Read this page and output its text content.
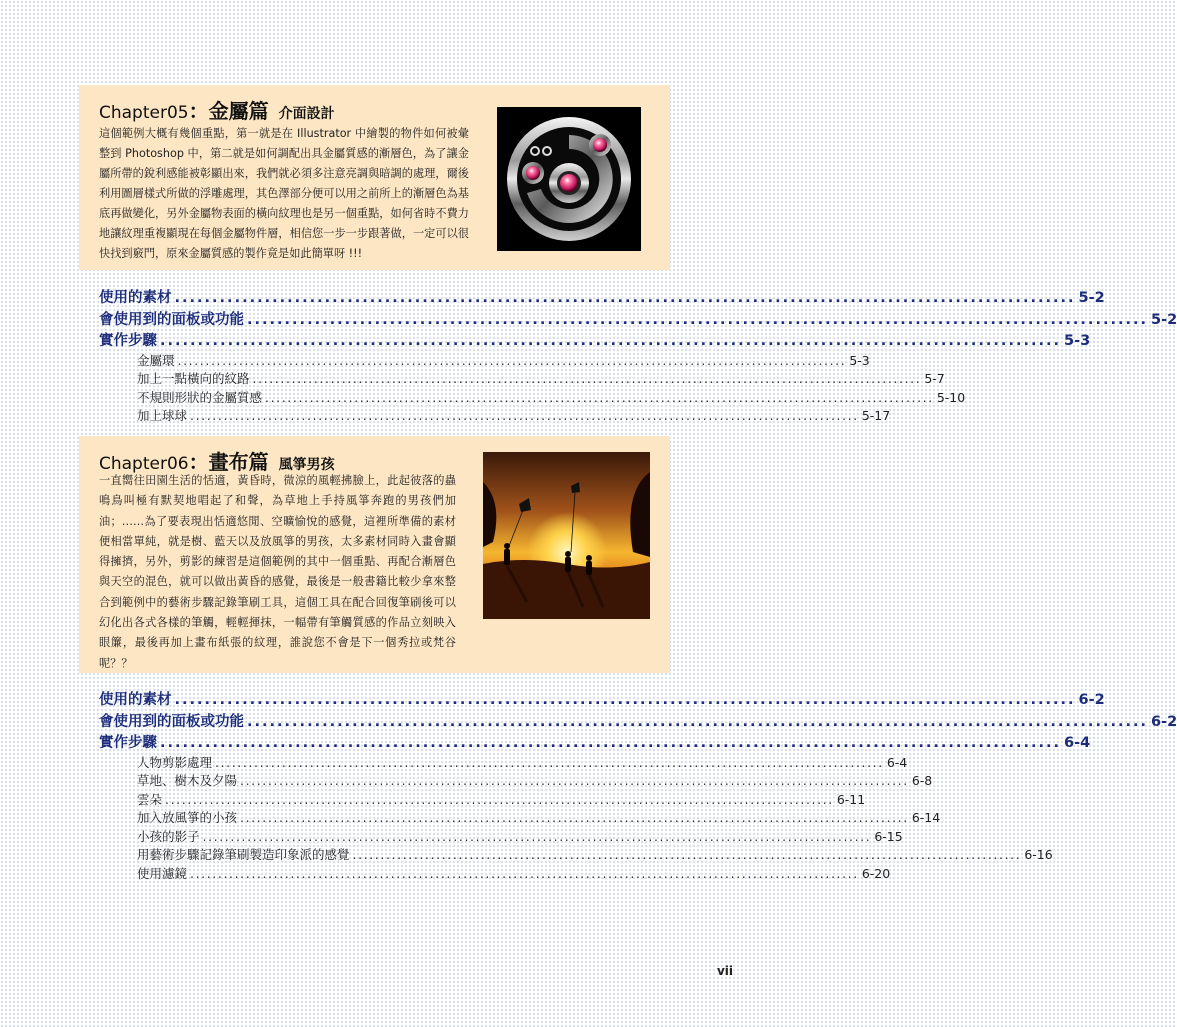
Chapter05：金屬篇 介面設計
這個範例大概有幾個重點，第一就是在 Illustrator 中繪製的物件如何被彙整到 Photoshop 中，第二就是如何調配出具金屬質感的漸層色，為了讓金屬所帶的銳利感能被彰顯出來，我們就必須多注意亮調與暗調的處理，爾後利用圖層樣式所做的浮雕處理，其色澤部分便可以用之前所上的漸層色為基底再做變化，另外金屬物表面的橫向紋理也是另一個重點，如何省時不費力地讓紋理重複顯現在每個金屬物件層，相信您一步一步跟著做，一定可以很快找到竅門，原來金屬質感的製作竟是如此簡單呀 !!!
使用的素材 ........................................................................................................................ 5-2
會使用到的面板或功能 ........................................................................................................................ 5-2
實作步驟 ........................................................................................................................ 5-3
金屬環 ........................................................................................................................ 5-3
加上一點橫向的紋路 ........................................................................................................................ 5-7
不規則形狀的金屬質感 ........................................................................................................................ 5-10
加上球球 ........................................................................................................................ 5-17
Chapter06：畫布篇 風箏男孩
一直嚮往田園生活的恬適，黃昏時，微涼的風輕拂臉上，此起彼落的蟲鳴鳥叫極有默契地唱起了和聲，為草地上手持風箏奔跑的男孩們加油；……為了要表現出恬適悠閒、空曠愉悅的感覺，這裡所準備的素材便相當單純，就是樹、藍天以及放風箏的男孩，太多素材同時入畫會顯得擁擠，另外，剪影的練習是這個範例的其中一個重點、再配合漸層色與天空的混色，就可以做出黃昏的感覺，最後是一般書籍比較少拿來整合到範例中的藝術步驟記錄筆刷工具，這個工具在配合回復筆刷後可以幻化出各式各樣的筆觸，輕輕揮抹，一幅帶有筆觸質感的作品立刻映入眼簾，最後再加上畫布紙張的紋理，誰說您不會是下一個秀拉或梵谷呢？？
使用的素材 ........................................................................................................................ 6-2
會使用到的面板或功能 ........................................................................................................................ 6-2
實作步驟 ........................................................................................................................ 6-4
人物剪影處理 ........................................................................................................................ 6-4
草地、樹木及夕陽 ........................................................................................................................ 6-8
雲朵 ........................................................................................................................ 6-11
加入放風箏的小孩 ........................................................................................................................ 6-14
小孩的影子 ........................................................................................................................ 6-15
用藝術步驟記錄筆刷製造印象派的感覺 ........................................................................................................................ 6-16
使用濾鏡 ........................................................................................................................ 6-20
vii
